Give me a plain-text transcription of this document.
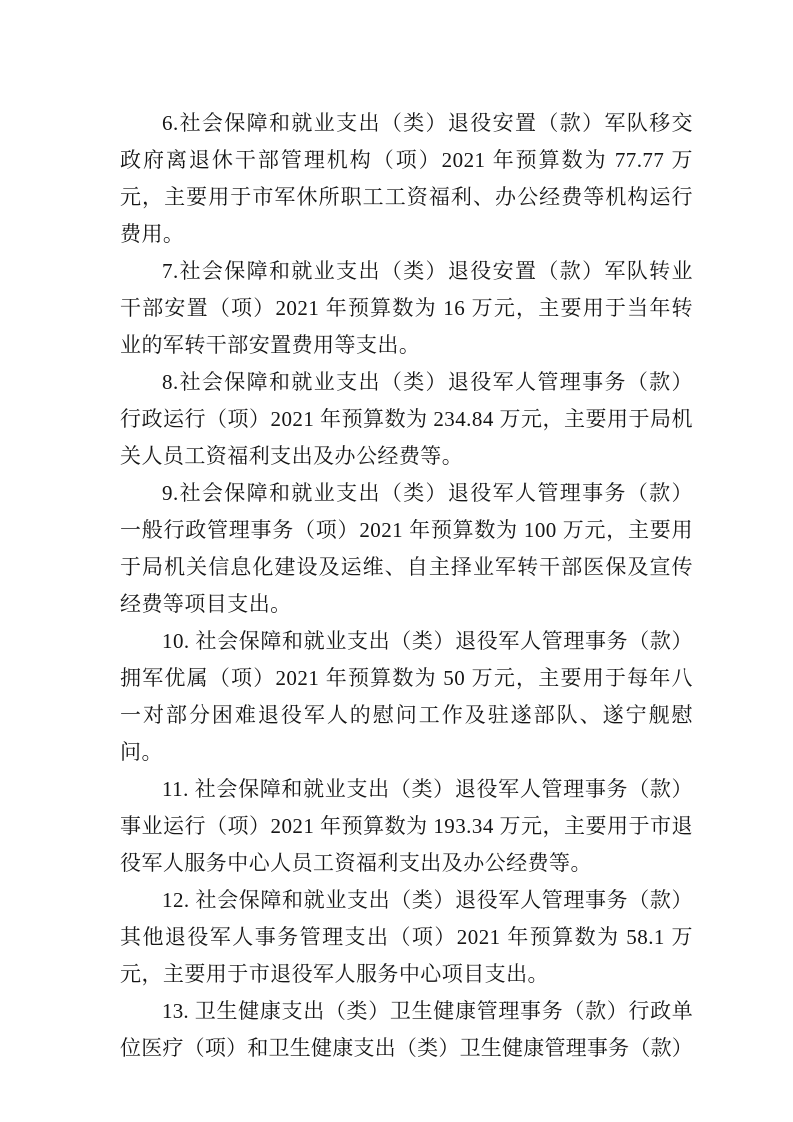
6.社会保障和就业支出（类）退役安置（款）军队移交政府离退休干部管理机构（项）2021 年预算数为 77.77 万元，主要用于市军休所职工工资福利、办公经费等机构运行费用。

7.社会保障和就业支出（类）退役安置（款）军队转业干部安置（项）2021 年预算数为 16 万元，主要用于当年转业的军转干部安置费用等支出。

8.社会保障和就业支出（类）退役军人管理事务（款）行政运行（项）2021 年预算数为 234.84 万元，主要用于局机关人员工资福利支出及办公经费等。

9.社会保障和就业支出（类）退役军人管理事务（款）一般行政管理事务（项）2021 年预算数为 100 万元，主要用于局机关信息化建设及运维、自主择业军转干部医保及宣传经费等项目支出。

10. 社会保障和就业支出（类）退役军人管理事务（款）拥军优属（项）2021 年预算数为 50 万元，主要用于每年八一对部分困难退役军人的慰问工作及驻遂部队、遂宁舰慰问。

11. 社会保障和就业支出（类）退役军人管理事务（款）事业运行（项）2021 年预算数为 193.34 万元，主要用于市退役军人服务中心人员工资福利支出及办公经费等。

12. 社会保障和就业支出（类）退役军人管理事务（款）其他退役军人事务管理支出（项）2021 年预算数为 58.1 万元，主要用于市退役军人服务中心项目支出。

13. 卫生健康支出（类）卫生健康管理事务（款）行政单位医疗（项）和卫生健康支出（类）卫生健康管理事务（款）
